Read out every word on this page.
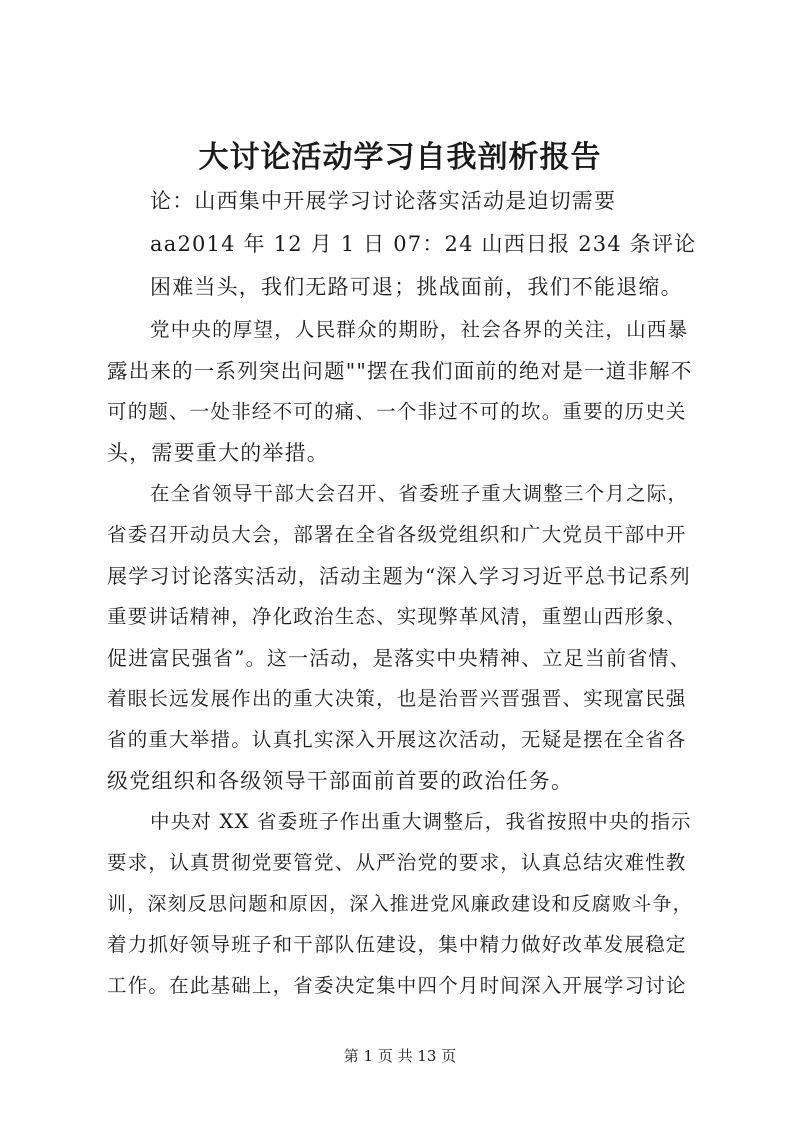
大讨论活动学习自我剖析报告
论：山西集中开展学习讨论落实活动是迫切需要
aa2014 年 12 月 1 日 07：24 山西日报 234 条评论
困难当头，我们无路可退；挑战面前，我们不能退缩。
党中央的厚望，人民群众的期盼，社会各界的关注，山西暴
露出来的一系列突出问题""摆在我们面前的绝对是一道非解不
可的题、一处非经不可的痛、一个非过不可的坎。重要的历史关
头，需要重大的举措。
在全省领导干部大会召开、省委班子重大调整三个月之际，
省委召开动员大会，部署在全省各级党组织和广大党员干部中开
展学习讨论落实活动，活动主题为“深入学习习近平总书记系列
重要讲话精神，净化政治生态、实现弊革风清，重塑山西形象、
促进富民强省”。这一活动，是落实中央精神、立足当前省情、
着眼长远发展作出的重大决策，也是治晋兴晋强晋、实现富民强
省的重大举措。认真扎实深入开展这次活动，无疑是摆在全省各
级党组织和各级领导干部面前首要的政治任务。
中央对 XX 省委班子作出重大调整后，我省按照中央的指示
要求，认真贯彻党要管党、从严治党的要求，认真总结灾难性教
训，深刻反思问题和原因，深入推进党风廉政建设和反腐败斗争，
着力抓好领导班子和干部队伍建设，集中精力做好改革发展稳定
工作。在此基础上，省委决定集中四个月时间深入开展学习讨论
第 1 页 共 13 页
